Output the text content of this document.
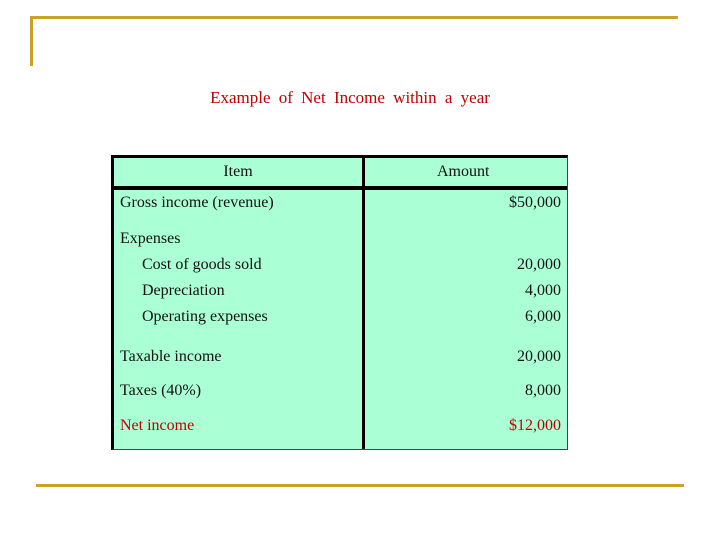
Example of Net Income within a year
Item	Amount
Gross income (revenue)	$50,000
Expenses
Cost of goods sold	20,000
Depreciation	4,000
Operating expenses	6,000
Taxable income	20,000
Taxes (40%)	8,000
Net income	$12,000
